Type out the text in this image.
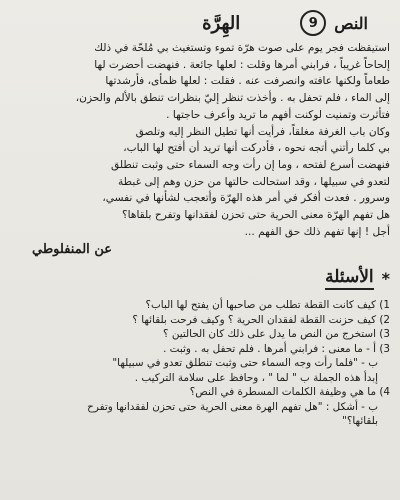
النص
9
الهِرَّة

استيقظت فجر يوم على صوت هرّة تموء وتستغيث بي مُلحّة في ذلك

إلحاحاً غريباً ، فرابني أمرها وقلت : لعلها جائعة . فنهضت أحضرت لها

طعاماً ولكنها عافته وانصرفت عنه . فقلت : لعلها ظمأى، فأرشدتها

إلى الماء ، فلم تحفل به . وأخذت تنظر إليّ بنظرات تنطق بالألم والحزن،

فتأثرت وتمنيت لوكنت أفهم ما تريد وأعرف حاجتها .

وكان باب الغرفة مغلقاً، فرأيت أنها تطيل النظر إليه وتلصق

بي كلما رأتني أتجه نحوه ، فأدركت أنها تريد أن أفتح لها الباب،

فنهضت أسرع لفتحه ، وما إن رأت وجه السماء حتى وثبت تنطلق

لتعدو في سبيلها ، وقد استحالت حالتها من حزن وهم إلى غبطة

وسرور . فعدت أفكر في أمر هذه الهرّة وأتعجب لشأنها في نفسي،

هل تفهم الهرّة معنى الحرية حتى تحزن لفقدانها وتفرح بلقاها؟

أجل ! إنها تفهم ذلك حق الفهم ...

عن المنفلوطي
*
الأسئلة

1) كيف كانت القطة تطلب من صاحبها أن يفتح لها الباب؟

2) كيف حزنت القطة لفقدان الحرية ؟ وكيف فرحت بلقائها ؟

3) استخرج من النص ما يدل على ذلك كان الحالتين ؟

3) أ - ما معنى : فرابني أمرها . فلم تحفل به . وثبت .

ب - "فلما رأت وجه السماء حتى وثبت تنطلق تعدو في سبيلها"

إبدأ هذه الجملة ب " لما " ، وحافظ على سلامة التركيب .

4) ما هي وظيفة الكلمات المسطرة في النص؟

ب - أشكل : "هل تفهم الهرة معنى الحرية حتى تحزن لفقدانها وتفرح

بلقائها؟"
